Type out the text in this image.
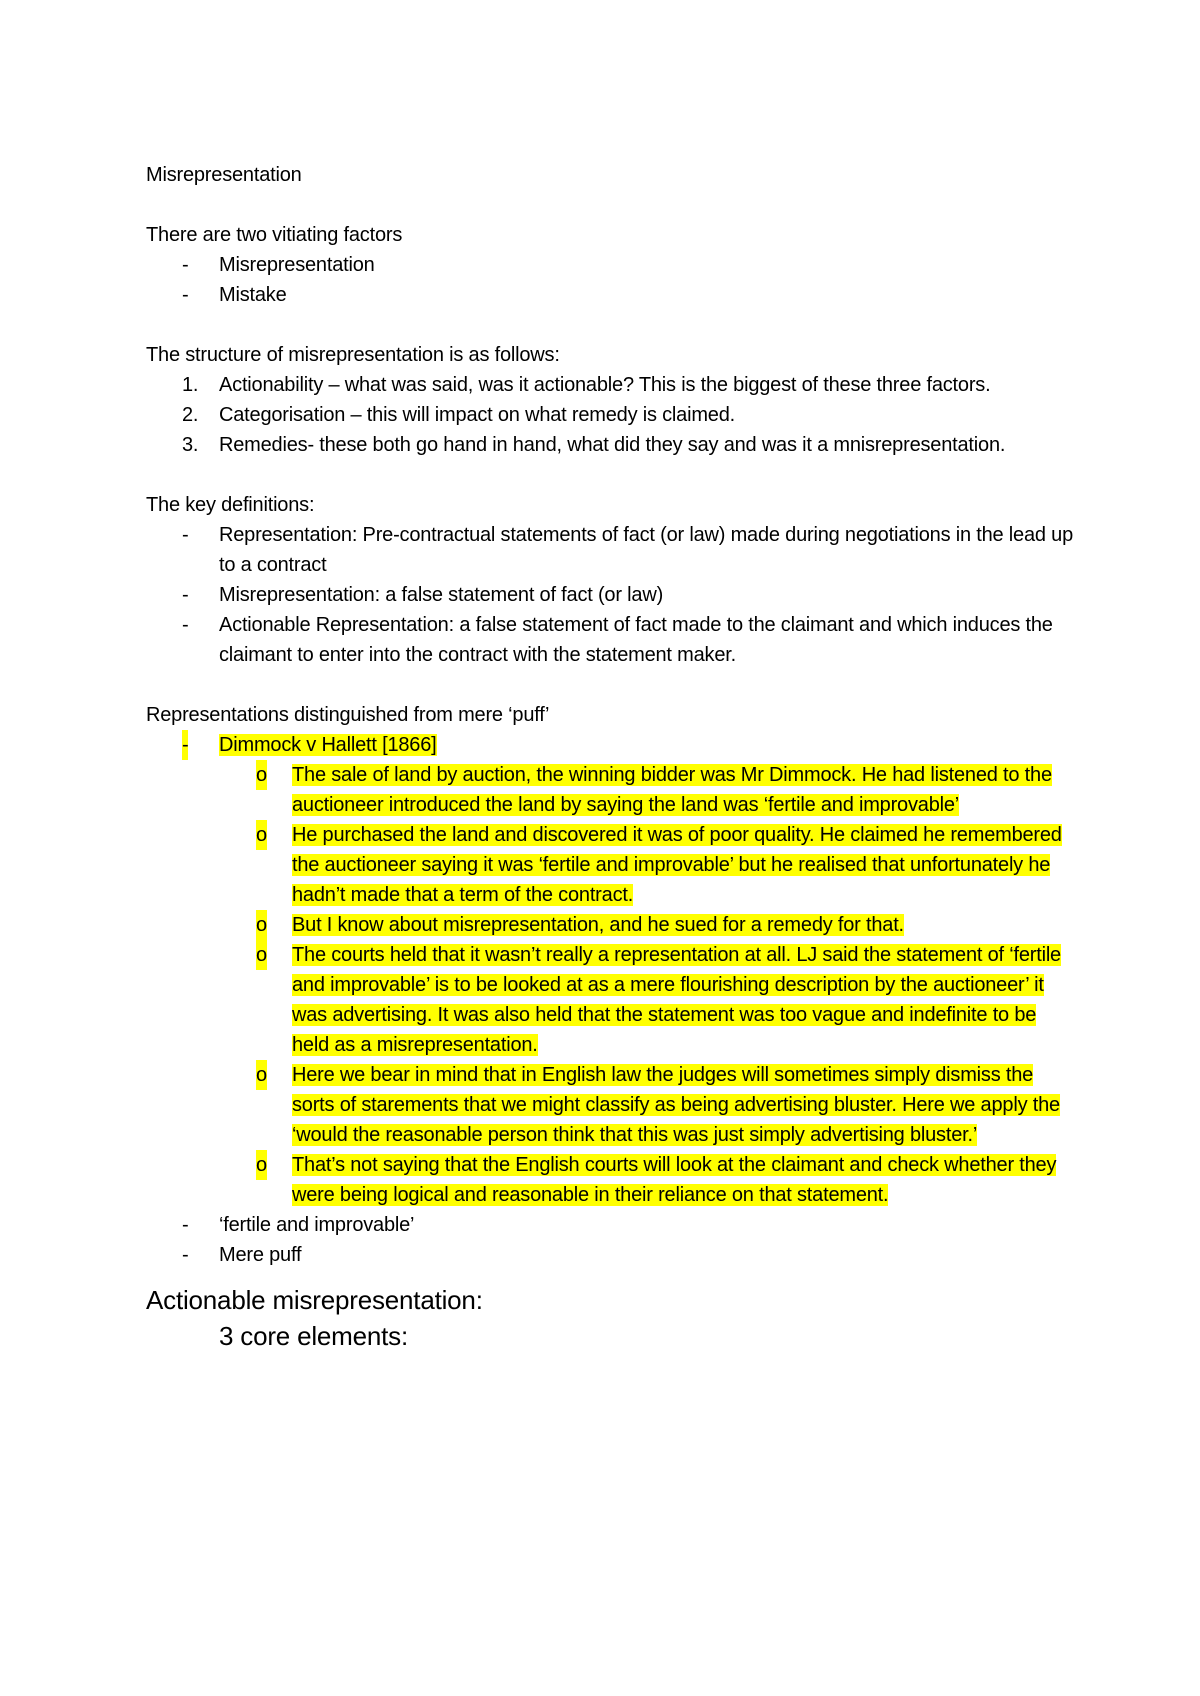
Misrepresentation

There are two vitiating factors

- Misrepresentation
- Mistake

The structure of misrepresentation is as follows:

1. Actionability – what was said, was it actionable? This is the biggest of these three factors.
2. Categorisation – this will impact on what remedy is claimed.
3. Remedies- these both go hand in hand, what did they say and was it a mnisrepresentation.

The key definitions:

- Representation: Pre-contractual statements of fact (or law) made during negotiations in the lead up to a contract
- Misrepresentation: a false statement of fact (or law)
- Actionable Representation: a false statement of fact made to the claimant and which induces the claimant to enter into the contract with the statement maker.

Representations distinguished from mere ‘puff’

- Dimmock v Hallett [1866]
o The sale of land by auction, the winning bidder was Mr Dimmock. He had listened to the auctioneer introduced the land by saying the land was ‘fertile and improvable’
o He purchased the land and discovered it was of poor quality. He claimed he remembered the auctioneer saying it was ‘fertile and improvable’ but he realised that unfortunately he hadn’t made that a term of the contract.
o But I know about misrepresentation, and he sued for a remedy for that.
o The courts held that it wasn’t really a representation at all. LJ said the statement of ‘fertile and improvable’ is to be looked at as a mere flourishing description by the auctioneer’ it was advertising. It was also held that the statement was too vague and indefinite to be held as a misrepresentation.
o Here we bear in mind that in English law the judges will sometimes simply dismiss the sorts of starements that we might classify as being advertising bluster. Here we apply the ‘would the reasonable person think that this was just simply advertising bluster.’
o That’s not saying that the English courts will look at the claimant and check whether they were being logical and reasonable in their reliance on that statement.
- ‘fertile and improvable’
- Mere puff

Actionable misrepresentation:

3 core elements:
